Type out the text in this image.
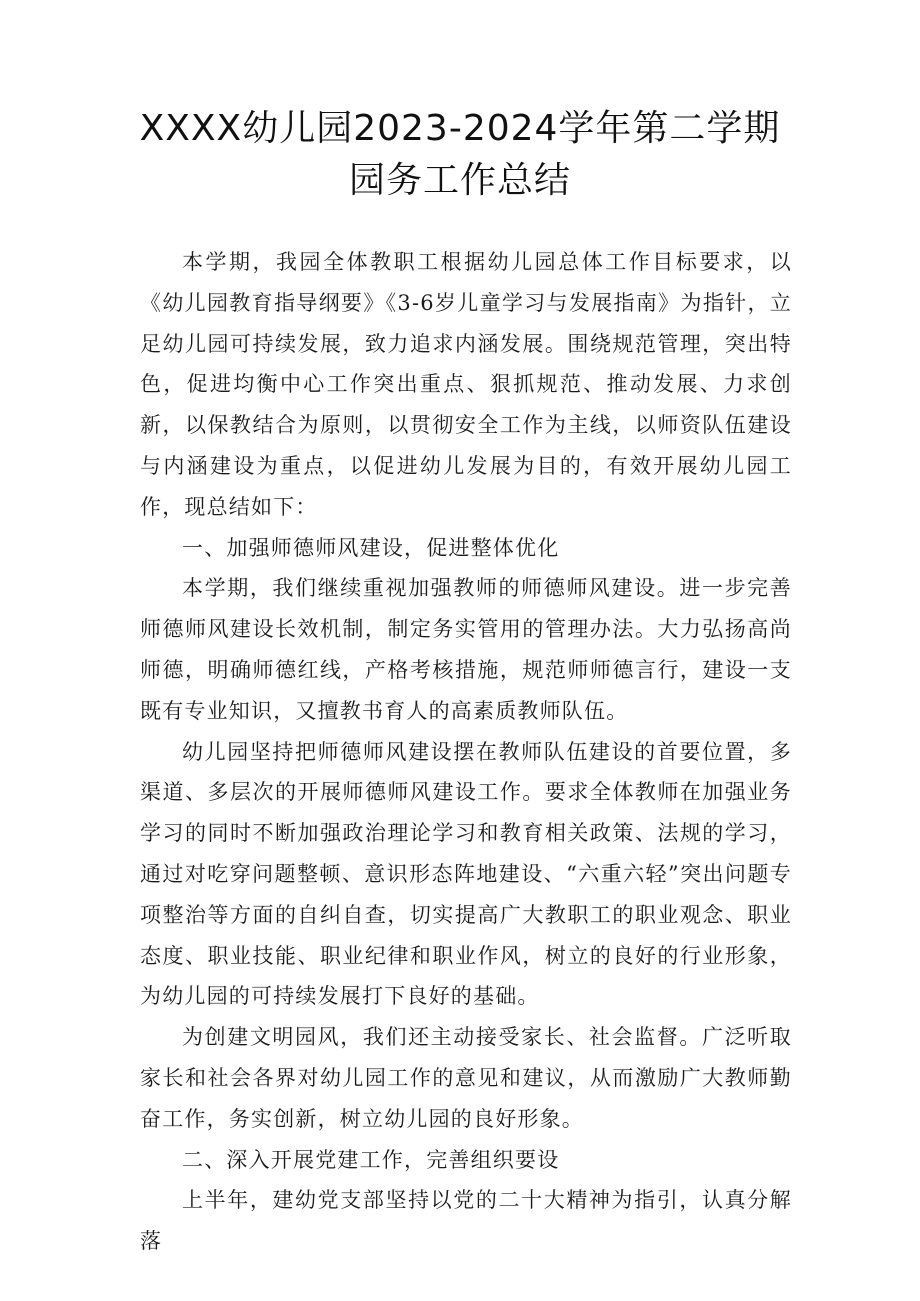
XXXX幼儿园2023-2024学年第二学期
园务工作总结

本学期，我园全体教职工根据幼儿园总体工作目标要求，以《幼儿园教育指导纲要》《3-6岁儿童学习与发展指南》为指针，立足幼儿园可持续发展，致力追求内涵发展。围绕规范管理，突出特色，促进均衡中心工作突出重点、狠抓规范、推动发展、力求创新，以保教结合为原则，以贯彻安全工作为主线，以师资队伍建设与内涵建设为重点，以促进幼儿发展为目的，有效开展幼儿园工作，现总结如下：

一、加强师德师风建设，促进整体优化

本学期，我们继续重视加强教师的师德师风建设。进一步完善师德师风建设长效机制，制定务实管用的管理办法。大力弘扬高尚师德，明确师德红线，产格考核措施，规范师师德言行，建设一支既有专业知识，又擅教书育人的高素质教师队伍。

幼儿园坚持把师德师风建设摆在教师队伍建设的首要位置，多渠道、多层次的开展师德师风建设工作。要求全体教师在加强业务学习的同时不断加强政治理论学习和教育相关政策、法规的学习，通过对吃穿问题整顿、意识形态阵地建设、“六重六轻”突出问题专项整治等方面的自纠自查，切实提高广大教职工的职业观念、职业态度、职业技能、职业纪律和职业作风，树立的良好的行业形象，为幼儿园的可持续发展打下良好的基础。

为创建文明园风，我们还主动接受家长、社会监督。广泛听取家长和社会各界对幼儿园工作的意见和建议，从而激励广大教师勤奋工作，务实创新，树立幼儿园的良好形象。

二、深入开展党建工作，完善组织要设

上半年，建幼党支部坚持以党的二十大精神为指引，认真分解落
